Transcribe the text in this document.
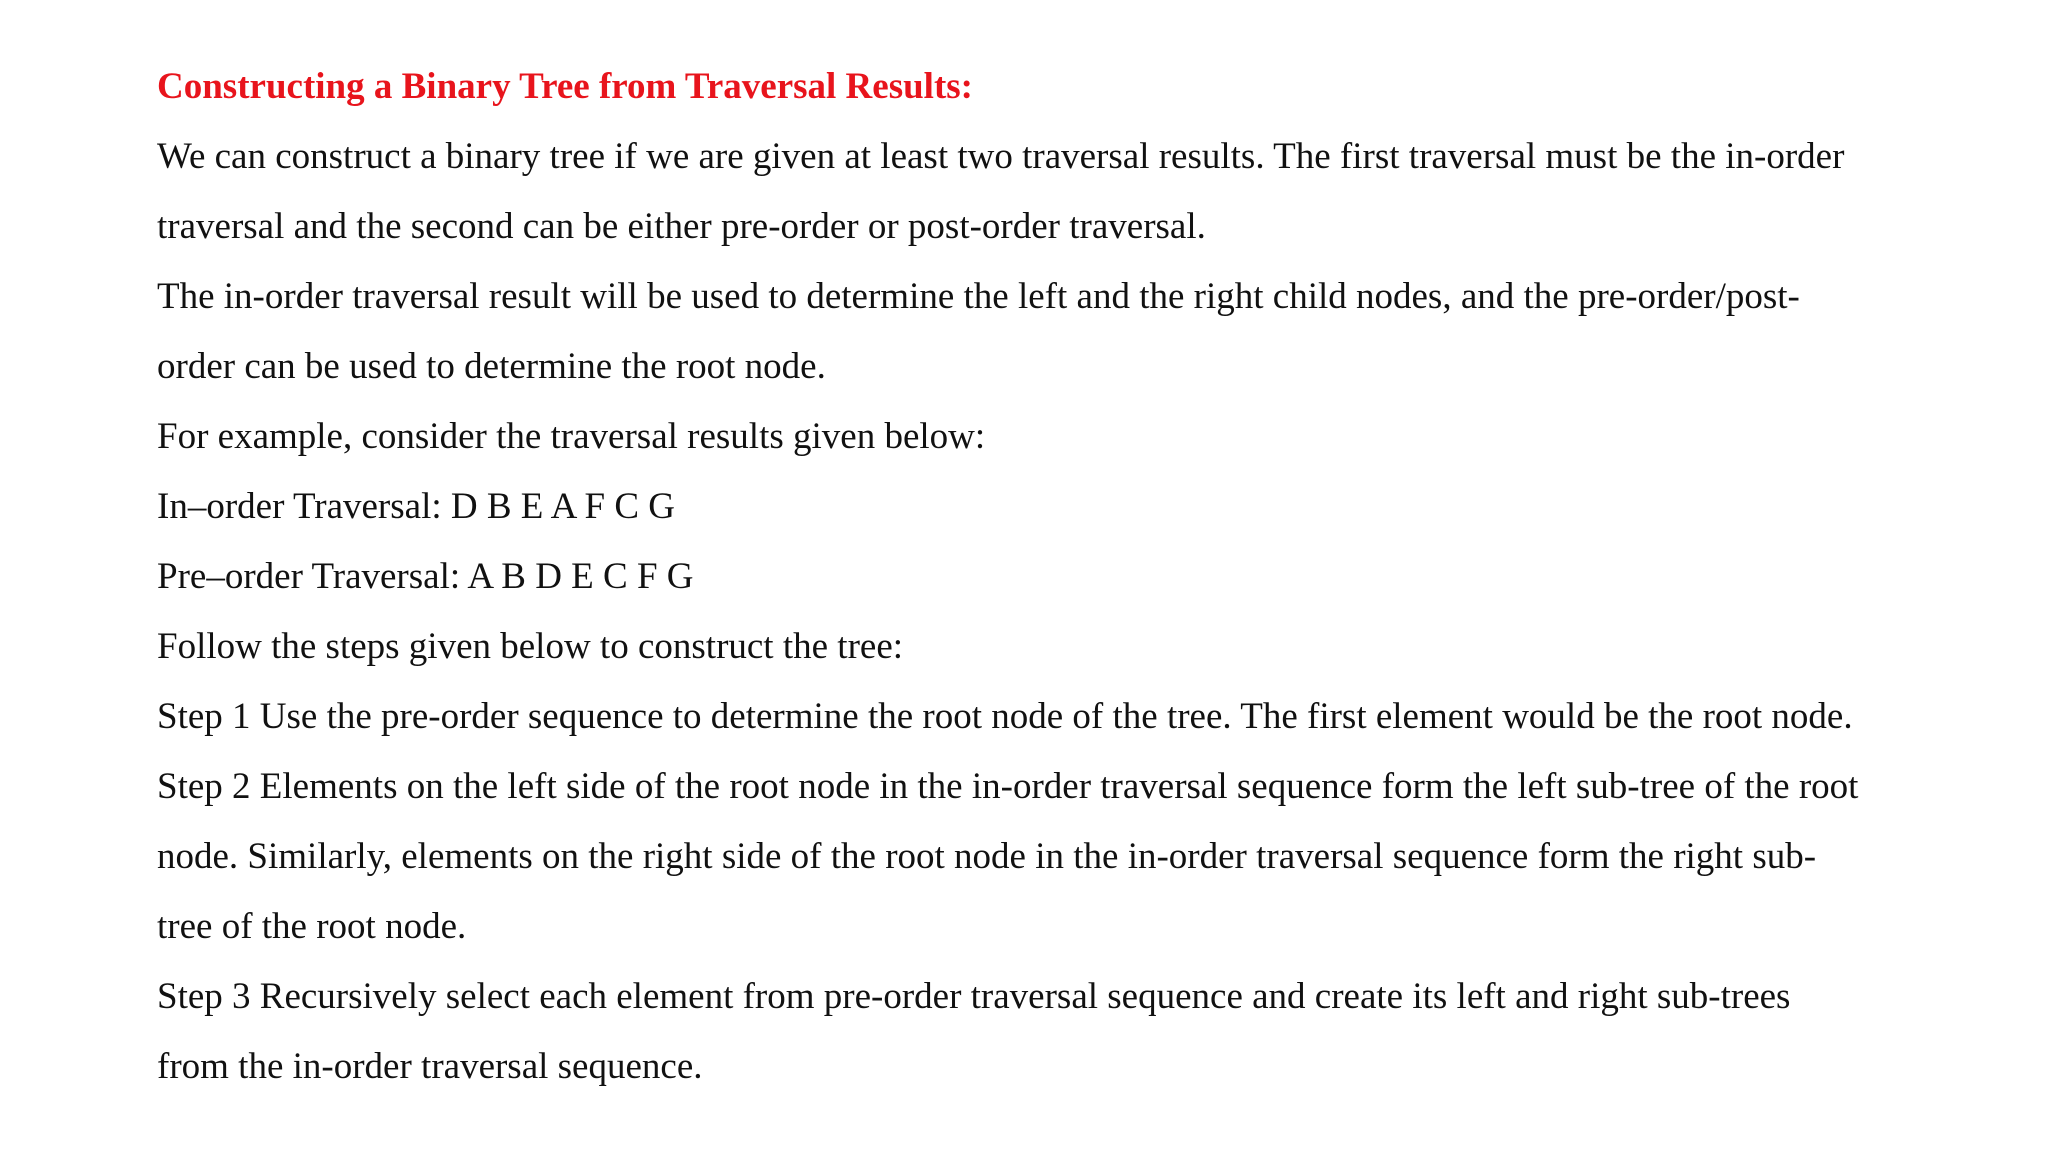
Constructing a Binary Tree from Traversal Results:

We can construct a binary tree if we are given at least two traversal results. The first traversal must be the in-order

traversal and the second can be either pre-order or post-order traversal.

The in-order traversal result will be used to determine the left and the right child nodes, and the pre-order/post-

order can be used to determine the root node.

For example, consider the traversal results given below:

In–order Traversal: D B E A F C G

Pre–order Traversal: A B D E C F G

Follow the steps given below to construct the tree:

Step 1 Use the pre-order sequence to determine the root node of the tree. The first element would be the root node.

Step 2 Elements on the left side of the root node in the in-order traversal sequence form the left sub-tree of the root

node. Similarly, elements on the right side of the root node in the in-order traversal sequence form the right sub-

tree of the root node.

Step 3 Recursively select each element from pre-order traversal sequence and create its left and right sub-trees

from the in-order traversal sequence.
